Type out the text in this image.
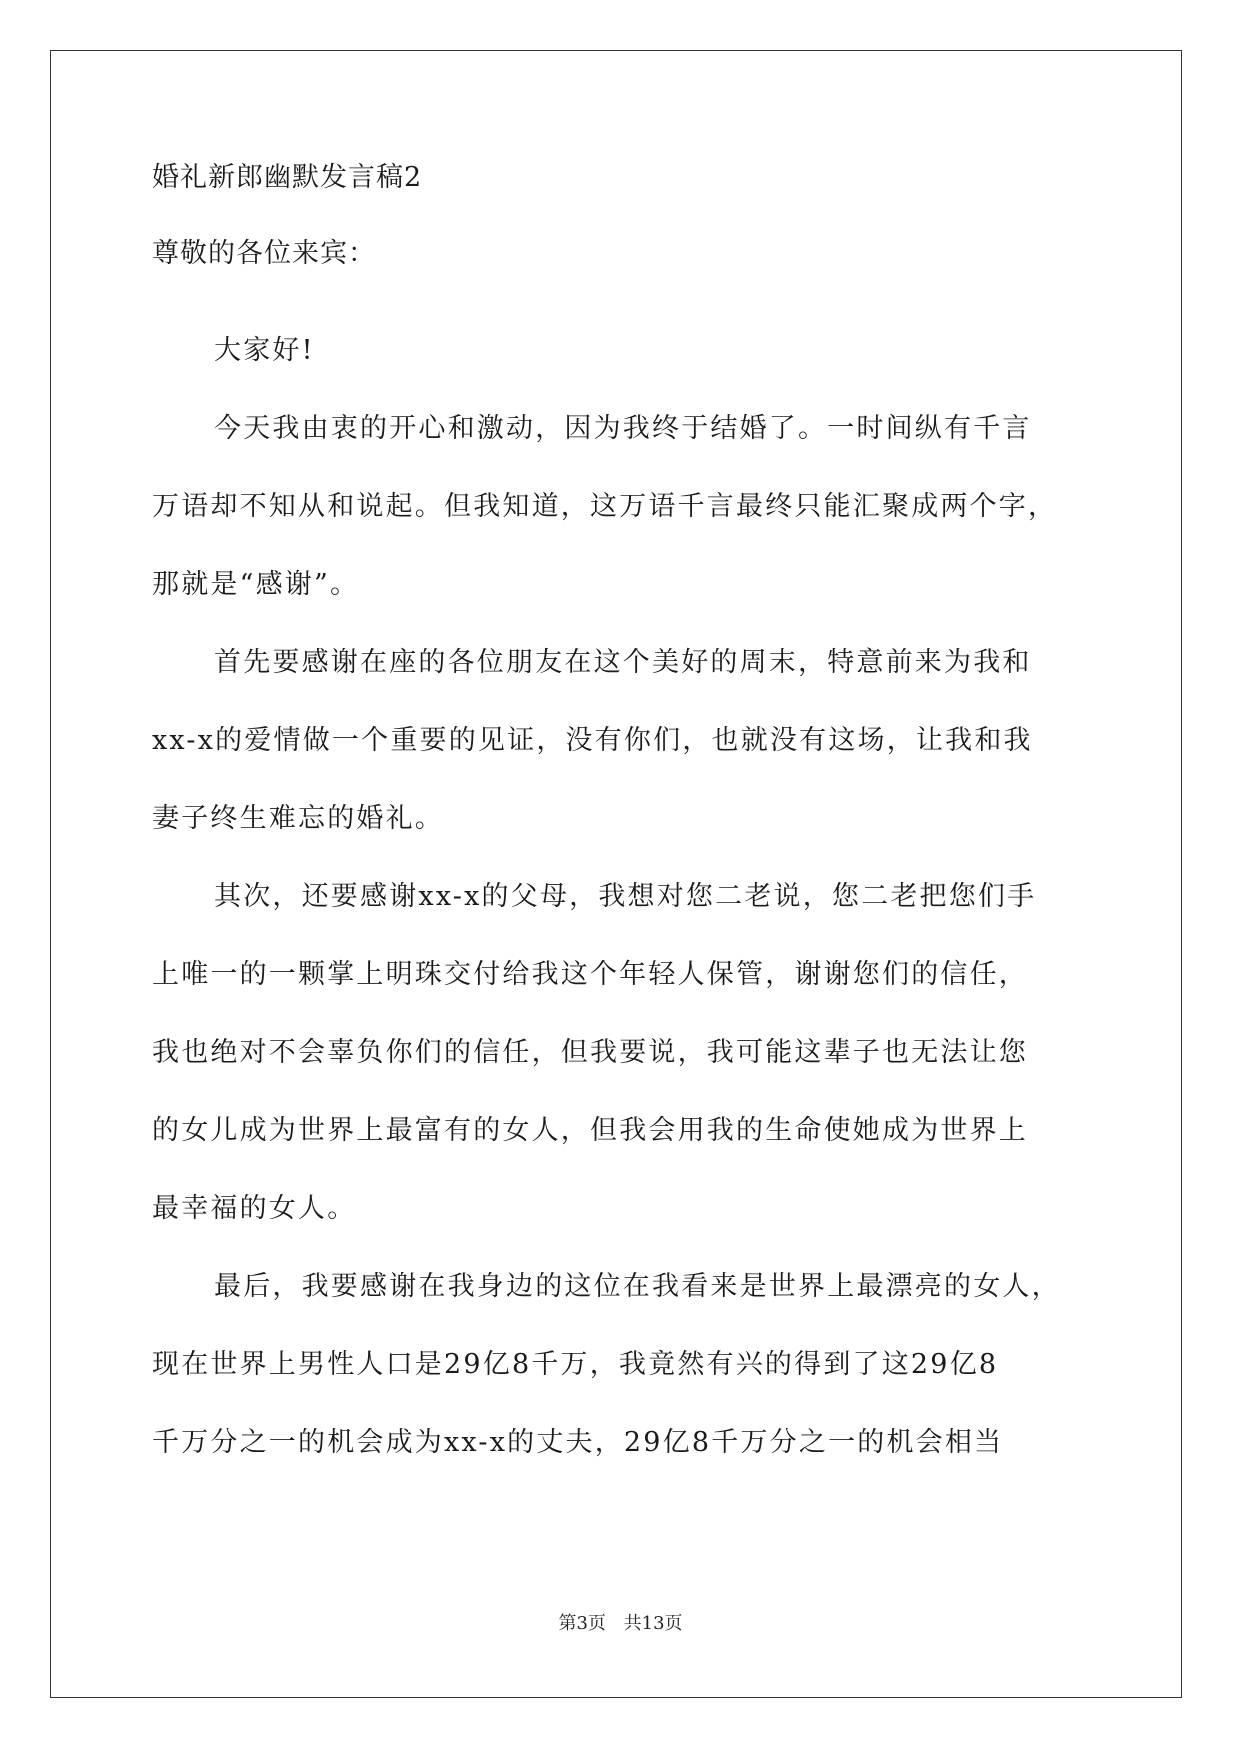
婚礼新郎幽默发言稿2
尊敬的各位来宾：
大家好!
今天我由衷的开心和激动，因为我终于结婚了。一时间纵有千言
万语却不知从和说起。但我知道，这万语千言最终只能汇聚成两个字，
那就是“感谢”。
首先要感谢在座的各位朋友在这个美好的周末，特意前来为我和
xx-x的爱情做一个重要的见证，没有你们，也就没有这场，让我和我
妻子终生难忘的婚礼。
其次，还要感谢xx-x的父母，我想对您二老说，您二老把您们手
上唯一的一颗掌上明珠交付给我这个年轻人保管，谢谢您们的信任，
我也绝对不会辜负你们的信任，但我要说，我可能这辈子也无法让您
的女儿成为世界上最富有的女人，但我会用我的生命使她成为世界上
最幸福的女人。
最后，我要感谢在我身边的这位在我看来是世界上最漂亮的女人，
现在世界上男性人口是29亿8千万，我竟然有兴的得到了这29亿8
千万分之一的机会成为xx-x的丈夫，29亿8千万分之一的机会相当
第3页 共13页
